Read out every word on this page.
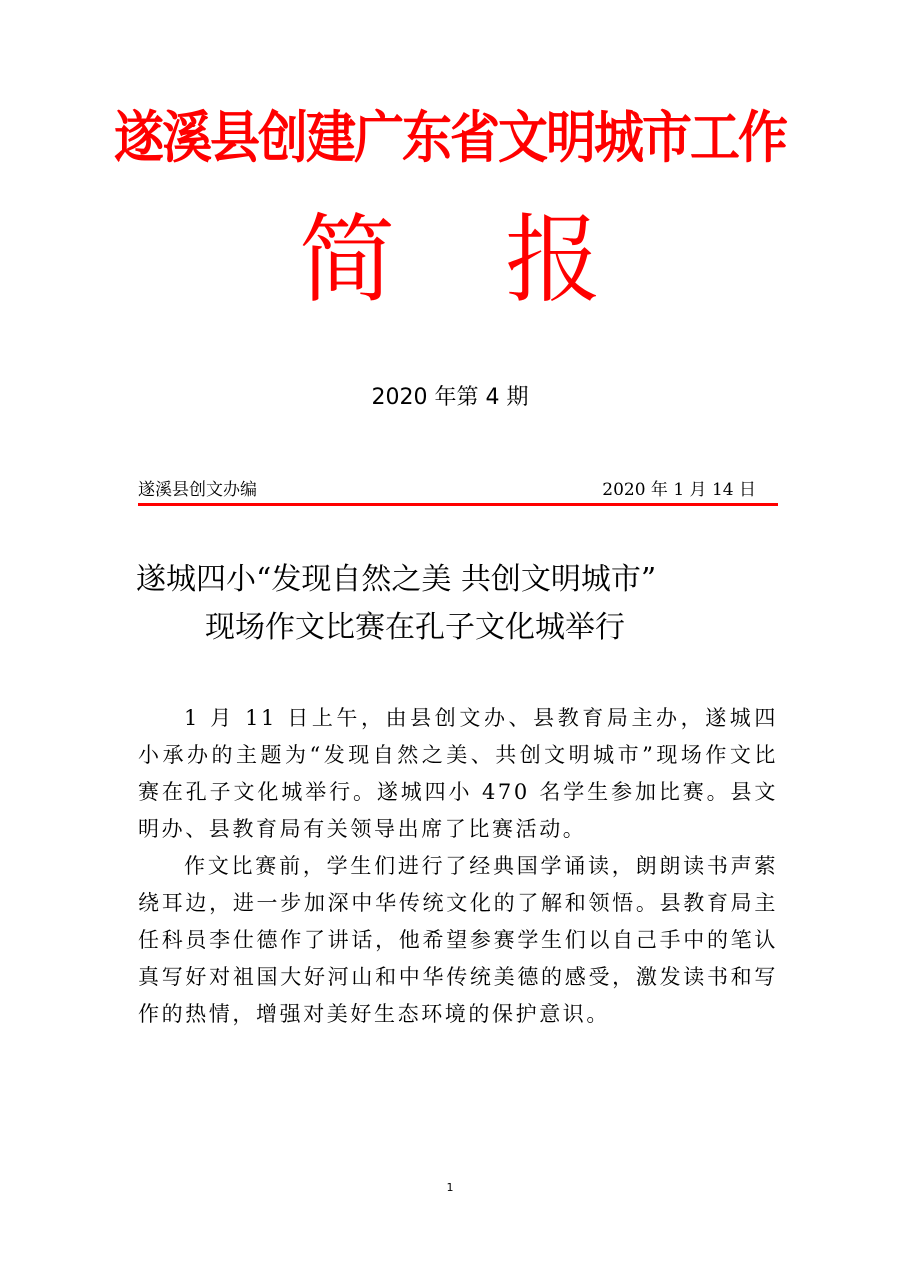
遂溪县创建广东省文明城市工作
简 报
2020 年第 4 期
遂溪县创文办编	2020 年 1 月 14 日
遂城四小“发现自然之美 共创文明城市”
现场作文比赛在孔子文化城举行

1 月 11 日上午，由县创文办、县教育局主办，遂城四小承办的主题为“发现自然之美、共创文明城市”现场作文比赛在孔子文化城举行。遂城四小 470 名学生参加比赛。县文明办、县教育局有关领导出席了比赛活动。

作文比赛前，学生们进行了经典国学诵读，朗朗读书声萦绕耳边，进一步加深中华传统文化的了解和领悟。县教育局主任科员李仕德作了讲话，他希望参赛学生们以自己手中的笔认真写好对祖国大好河山和中华传统美德的感受，激发读书和写作的热情，增强对美好生态环境的保护意识。

1
